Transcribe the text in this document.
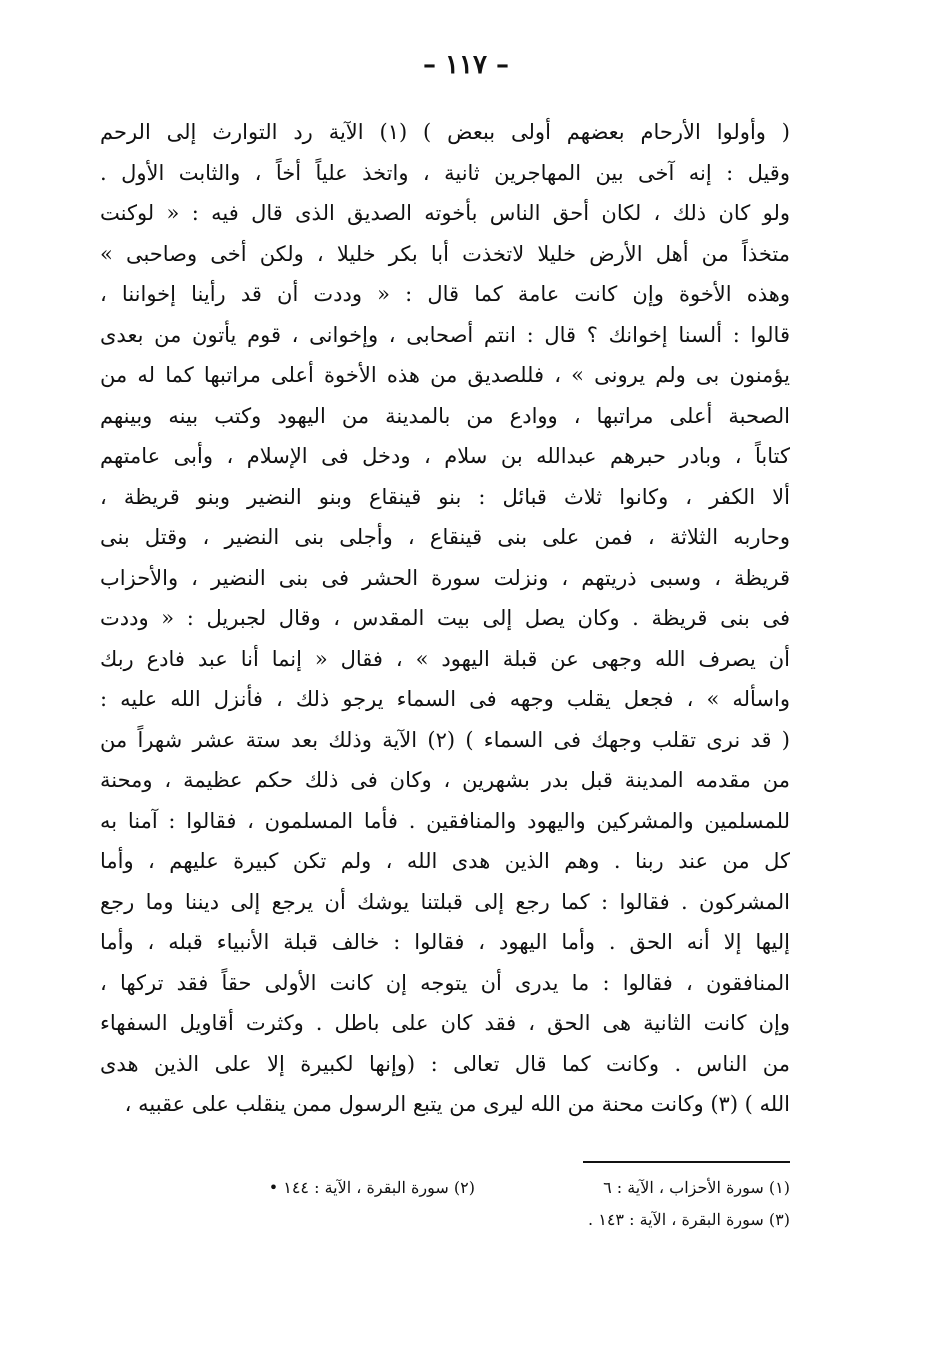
– ١١٧ –
( وأولوا الأرحام بعضهم أولى ببعض ) (١) الآية رد التوارث إلى الرحم
وقيل : إنه آخى بين المهاجرين ثانية ، واتخذ علياً أخاً ، والثابت الأول .
ولو كان ذلك ، لكان أحق الناس بأخوته الصديق الذى قال فيه : « لوكنت
متخذاً من أهل الأرض خليلا لاتخذت أبا بكر خليلا ، ولكن أخى وصاحبى »
وهذه الأخوة وإن كانت عامة كما قال : « وددت أن قد رأينا إخواننا ،
قالوا : ألسنا إخوانك ؟ قال : انتم أصحابى ، وإخوانى ، قوم يأتون من بعدى
يؤمنون بى ولم يرونى » ، فللصديق من هذه الأخوة أعلى مراتبها كما له من
الصحبة أعلى مراتبها ، ووادع من بالمدينة من اليهود وكتب بينه وبينهم
كتاباً ، وبادر حبرهم عبدالله بن سلام ، ودخل فى الإسلام ، وأبى عامتهم
ألا الكفر ، وكانوا ثلاث قبائل : بنو قينقاع وبنو النضير وبنو قريظة ،
وحاربه الثلاثة ، فمن على بنى قينقاع ، وأجلى بنى النضير ، وقتل بنى
قريظة ، وسبى ذريتهم ، ونزلت سورة الحشر فى بنى النضير ، والأحزاب
فى بنى قريظة . وكان يصل إلى بيت المقدس ، وقال لجبريل : « وددت
أن يصرف الله وجهى عن قبلة اليهود » ، فقال « إنما أنا عبد فادع ربك
واسأله » ، فجعل يقلب وجهه فى السماء يرجو ذلك ، فأنزل الله عليه :
( قد نرى تقلب وجهك فى السماء ) (٢) الآية وذلك بعد ستة عشر شهراً من
من مقدمه المدينة قبل بدر بشهرين ، وكان فى ذلك حكم عظيمة ، ومحنة
للمسلمين والمشركين واليهود والمنافقين . فأما المسلمون ، فقالوا : آمنا به
كل من عند ربنا . وهم الذين هدى الله ، ولم تكن كبيرة عليهم ، وأما
المشركون . فقالوا : كما رجع إلى قبلتنا يوشك أن يرجع إلى ديننا وما رجع
إليها إلا أنه الحق . وأما اليهود ، فقالوا : خالف قبلة الأنبياء قبله ، وأما
المنافقون ، فقالوا : ما يدرى أن يتوجه إن كانت الأولى حقاً فقد تركها ،
وإن كانت الثانية هى الحق ، فقد كان على باطل . وكثرت أقاويل السفهاء
من الناس . وكانت كما قال تعالى : (وإنها لكبيرة إلا على الذين هدى
الله ) (٣) وكانت محنة من الله ليرى من يتبع الرسول ممن ينقلب على عقبيه ،
(١) سورة الأحزاب ، الآية : ٦
(٢) سورة البقرة ، الآية : ١٤٤ •
(٣) سورة البقرة ، الآية : ١٤٣ .
